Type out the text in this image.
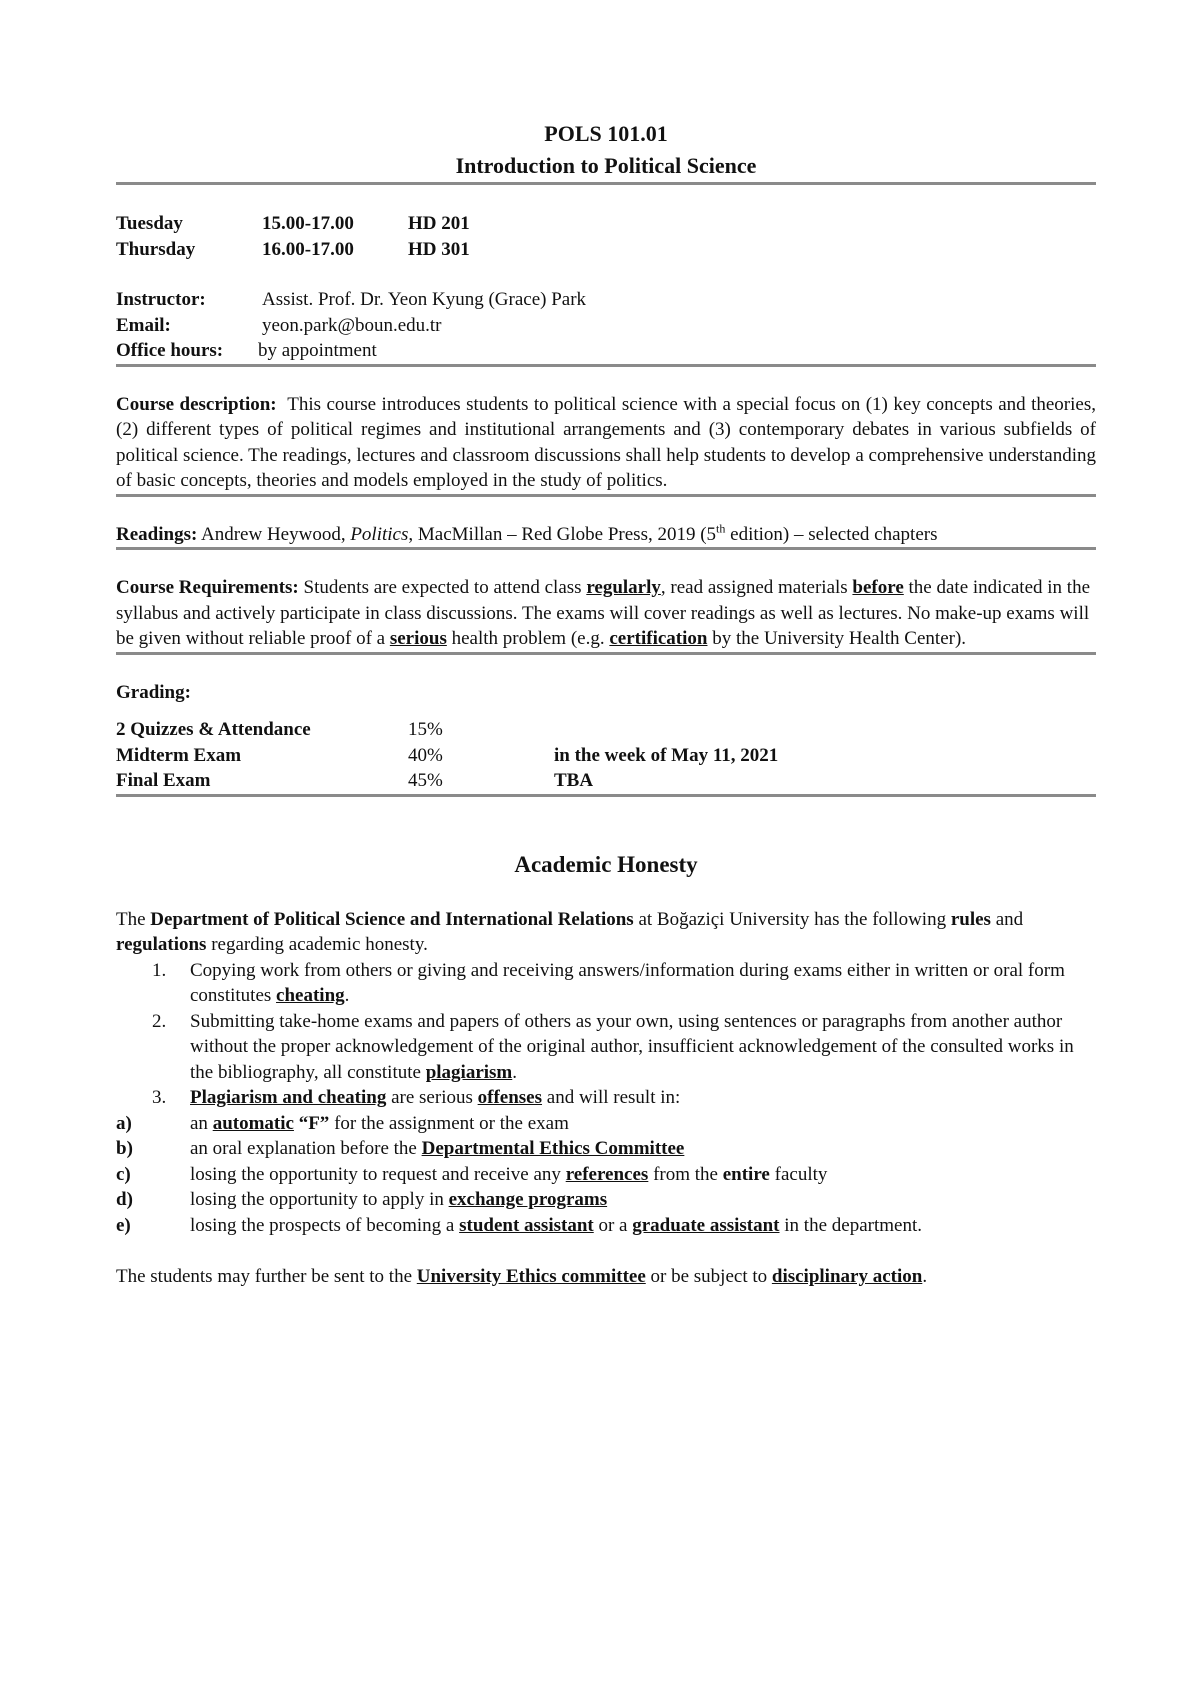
POLS 101.01
Introduction to Political Science
Tuesday	15.00-17.00	HD 201
Thursday	16.00-17.00	HD 301
Instructor:	Assist. Prof. Dr. Yeon Kyung (Grace) Park
Email:	yeon.park@boun.edu.tr
Office hours:	by appointment
Course description: This course introduces students to political science with a special focus on (1) key concepts and theories, (2) different types of political regimes and institutional arrangements and (3) contemporary debates in various subfields of political science. The readings, lectures and classroom discussions shall help students to develop a comprehensive understanding of basic concepts, theories and models employed in the study of politics.
Readings: Andrew Heywood, Politics, MacMillan – Red Globe Press, 2019 (5th edition) – selected chapters
Course Requirements: Students are expected to attend class regularly, read assigned materials before the date indicated in the syllabus and actively participate in class discussions. The exams will cover readings as well as lectures. No make-up exams will be given without reliable proof of a serious health problem (e.g. certification by the University Health Center).
Grading:
2 Quizzes & Attendance	15%
Midterm Exam	40%	in the week of May 11, 2021
Final Exam	45%	TBA
Academic Honesty
The Department of Political Science and International Relations at Boğaziçi University has the following rules and regulations regarding academic honesty.
1.	Copying work from others or giving and receiving answers/information during exams either in written or oral form constitutes cheating.
2.	Submitting take-home exams and papers of others as your own, using sentences or paragraphs from another author without the proper acknowledgement of the original author, insufficient acknowledgement of the consulted works in the bibliography, all constitute plagiarism.
3.	Plagiarism and cheating are serious offenses and will result in:
a)	an automatic “F” for the assignment or the exam
b)	an oral explanation before the Departmental Ethics Committee
c)	losing the opportunity to request and receive any references from the entire faculty
d)	losing the opportunity to apply in exchange programs
e)	losing the prospects of becoming a student assistant or a graduate assistant in the department.
The students may further be sent to the University Ethics committee or be subject to disciplinary action.
